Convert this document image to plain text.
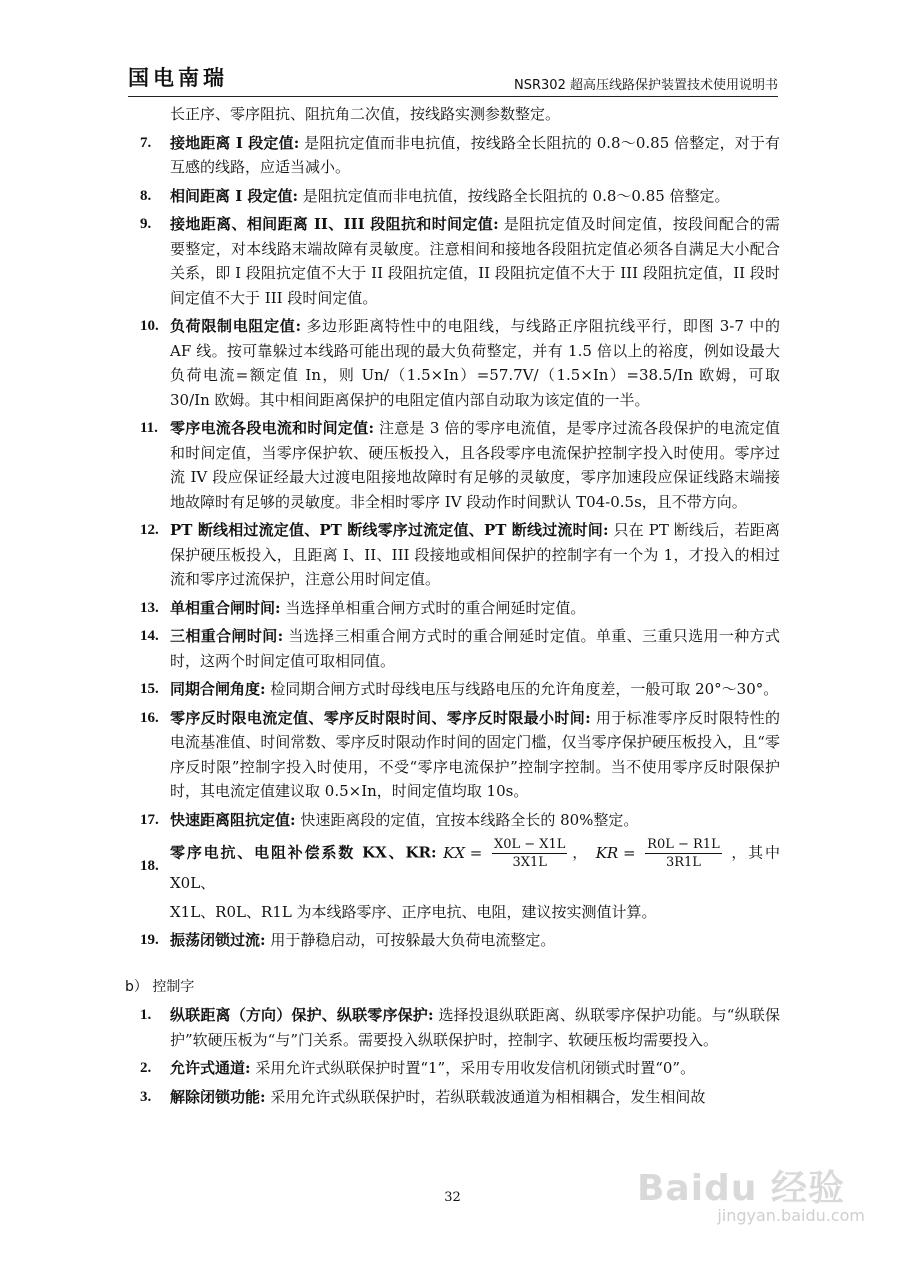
国电南瑞	NSR302 超高压线路保护装置技术使用说明书
长正序、零序阻抗、阻抗角二次值，按线路实测参数整定。
7.	接地距离 I 段定值: 是阻抗定值而非电抗值，按线路全长阻抗的 0.8～0.85 倍整定，对于有互感的线路，应适当减小。
8.	相间距离 I 段定值: 是阻抗定值而非电抗值，按线路全长阻抗的 0.8～0.85 倍整定。
9.	接地距离、相间距离 II、III 段阻抗和时间定值: 是阻抗定值及时间定值，按段间配合的需要整定，对本线路末端故障有灵敏度。注意相间和接地各段阻抗定值必须各自满足大小配合关系，即 I 段阻抗定值不大于 II 段阻抗定值，II 段阻抗定值不大于 III 段阻抗定值，II 段时间定值不大于 III 段时间定值。
10. 负荷限制电阻定值: 多边形距离特性中的电阻线，与线路正序阻抗线平行，即图 3-7 中的 AF 线。按可靠躲过本线路可能出现的最大负荷整定，并有 1.5 倍以上的裕度，例如设最大负荷电流=额定值 In，则 Un/（1.5×In）=57.7V/（1.5×In）=38.5/In 欧姆，可取 30/In 欧姆。其中相间距离保护的电阻定值内部自动取为该定值的一半。
11. 零序电流各段电流和时间定值: 注意是 3 倍的零序电流值，是零序过流各段保护的电流定值和时间定值，当零序保护软、硬压板投入，且各段零序电流保护控制字投入时使用。零序过流 IV 段应保证经最大过渡电阻接地故障时有足够的灵敏度，零序加速段应保证线路末端接地故障时有足够的灵敏度。非全相时零序 IV 段动作时间默认 T04-0.5s，且不带方向。
12. PT 断线相过流定值、PT 断线零序过流定值、PT 断线过流时间: 只在 PT 断线后，若距离保护硬压板投入，且距离 I、II、III 段接地或相间保护的控制字有一个为 1，才投入的相过流和零序过流保护，注意公用时间定值。
13. 单相重合闸时间: 当选择单相重合闸方式时的重合闸延时定值。
14. 三相重合闸时间: 当选择三相重合闸方式时的重合闸延时定值。单重、三重只选用一种方式时，这两个时间定值可取相同值。
15. 同期合闸角度: 检同期合闸方式时母线电压与线路电压的允许角度差，一般可取 20°～30°。
16. 零序反时限电流定值、零序反时限时间、零序反时限最小时间: 用于标准零序反时限特性的电流基准值、时间常数、零序反时限动作时间的固定门槛，仅当零序保护硬压板投入，且“零序反时限”控制字投入时使用，不受“零序电流保护”控制字控制。当不使用零序反时限保护时，其电流定值建议取 0.5×In，时间定值均取 10s。
17. 快速距离阻抗定值: 快速距离段的定值，宜按本线路全长的 80%整定。
18.
零序电抗、电阻补偿系数 KX、KR: KX = $\frac{X0L - X1L}{3X1L}$ ， KR = $\frac{R0L - R1L}{3R1L}$ ，其中 X0L、
X1L、R0L、R1L 为本线路零序、正序电抗、电阻，建议按实测值计算。
19. 振荡闭锁过流: 用于静稳启动，可按躲最大负荷电流整定。
b） 控制字
1.	纵联距离（方向）保护、纵联零序保护: 选择投退纵联距离、纵联零序保护功能。与“纵联保护”软硬压板为“与”门关系。需要投入纵联保护时，控制字、软硬压板均需要投入。
2.	允许式通道: 采用允许式纵联保护时置“1”，采用专用收发信机闭锁式时置“0”。
3.	解除闭锁功能: 采用允许式纵联保护时，若纵联载波通道为相相耦合，发生相间故
32	Baidu 经验
jingyan.baidu.com
